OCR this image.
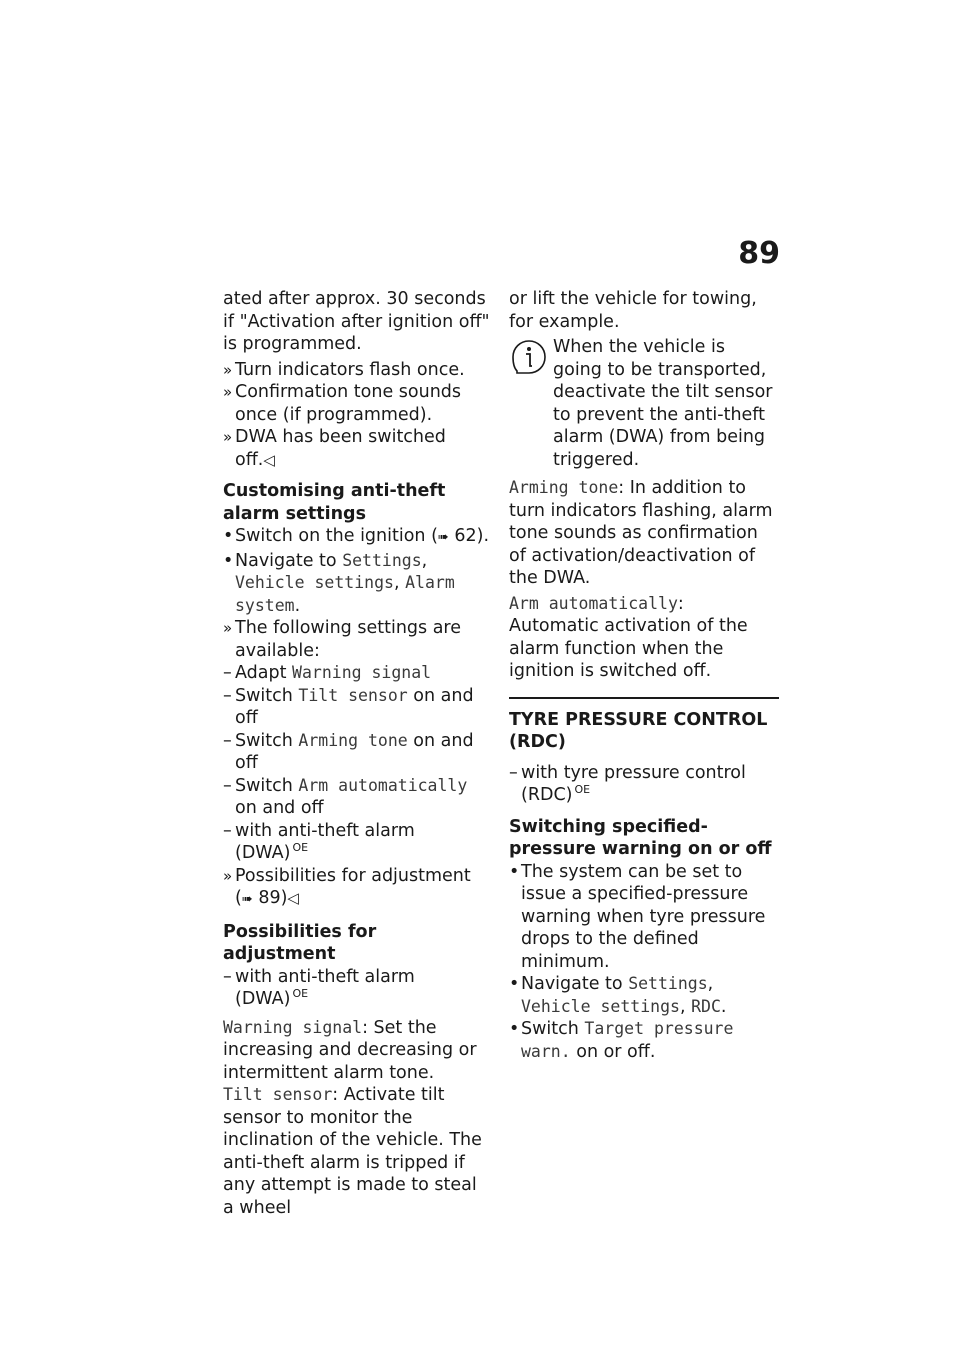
89

ated after approx. 30 seconds if "Activation after ignition off" is programmed.

» Turn indicators flash once.
» Confirmation tone sounds once (if programmed).
» DWA has been switched off.◁
Customising anti-theft alarm settings
• Switch on the ignition (➠ 62).
• Navigate to Settings, Vehicle settings, Alarm system.
» The following settings are available:
– Adapt Warning signal
– Switch Tilt sensor on and off
– Switch Arming tone on and off
– Switch Arm automatically on and off
– with anti-theft alarm (DWA) $^{OE}$
» Possibilities for adjustment (➠ 89)◁
Possibilities for adjustment
– with anti-theft alarm (DWA) $^{OE}$

Warning signal: Set the increasing and decreasing or intermittent alarm tone.

Tilt sensor: Activate tilt sensor to monitor the inclination of the vehicle. The anti-theft alarm is tripped if any attempt is made to steal a wheel

or lift the vehicle for towing, for example.

When the vehicle is going to be transported, deactivate the tilt sensor to prevent the anti-theft alarm (DWA) from being triggered.

Arming tone: In addition to turn indicators flashing, alarm tone sounds as confirmation of activation/deactivation of the DWA.

Arm automatically: Automatic activation of the alarm function when the ignition is switched off.

TYRE PRESSURE CONTROL (RDC)
– with tyre pressure control (RDC) $^{OE}$
Switching specified-pressure warning on or off
• The system can be set to issue a specified-pressure warning when tyre pressure drops to the defined minimum.
• Navigate to Settings, Vehicle settings, RDC.
• Switch Target pressure warn. on or off.
